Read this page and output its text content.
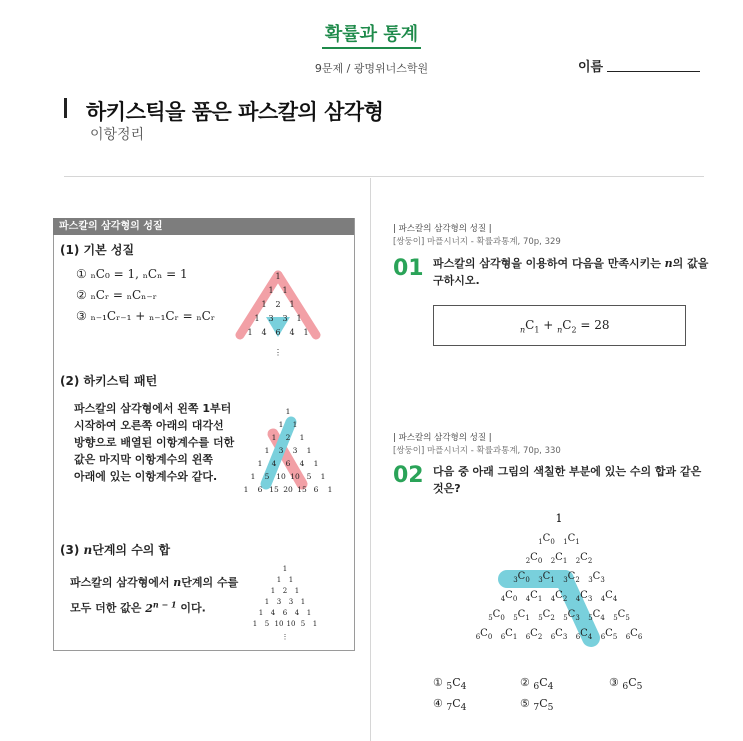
확률과 통계
9문제 / 광명위너스학원	이름
하키스틱을 품은 파스칼의 삼각형
이항정리
파스칼의 삼각형의 성질
(1) 기본 성질
① ₙC₀ = 1, ₙCₙ = 1
② ₙCᵣ = ₙCₙ₋ᵣ
③ ₙ₋₁Cᵣ₋₁ + ₙ₋₁Cᵣ = ₙCᵣ
1
1 1
1 2 1
1 3 3 1
1 4 6 4 1
⋮
(2) 하키스틱 패턴
파스칼의 삼각형에서 왼쪽 1부터
시작하여 오른쪽 아래의 대각선
방향으로 배열된 이항계수를 더한
값은 마지막 이항계수의 왼쪽
아래에 있는 이항계수와 같다.
1
1 1
1 2 1
1 3 3 1
1 4 6 4 1
1 5 10 10 5 1
1 6 15 20 15 6 1
(3) n단계의 수의 합
파스칼의 삼각형에서 n단계의 수를
모두 더한 값은 $2^{n - 1}$ 이다.
1
1 1
1 2 1
1 3 3 1
1 4 6 4 1
1 5 10 10 5 1
⋮
| 파스칼의 삼각형의 성질 |
[쌍둥이] 마플시너지 - 확률과통계, 70p, 329
01 파스칼의 삼각형을 이용하여 다음을 만족시키는 n의 값을
구하시오.
$_nC_1 + _nC_2 = 28$
| 파스칼의 삼각형의 성질 |
[쌍둥이] 마플시너지 - 확률과통계, 70p, 330
02 다음 중 아래 그림의 색칠한 부분에 있는 수의 합과 같은
것은?
1
$_1C_0$ $_1C_1$
$_2C_0$ $_2C_1$ $_2C_2$
$_3C_0$ $_3C_1$ $_3C_2$ $_3C_3$
$_4C_0$ $_4C_1$ $_4C_2$ $_4C_3$ $_4C_4$
$_5C_0$ $_5C_1$ $_5C_2$ $_5C_3$ $_5C_4$ $_5C_5$
$_6C_0$ $_6C_1$ $_6C_2$ $_6C_3$ $_6C_4$ $_6C_5$ $_6C_6$
① $_5C_4$	② $_6C_4$	③ $_6C_5$
④ $_7C_4$	⑤ $_7C_5$
